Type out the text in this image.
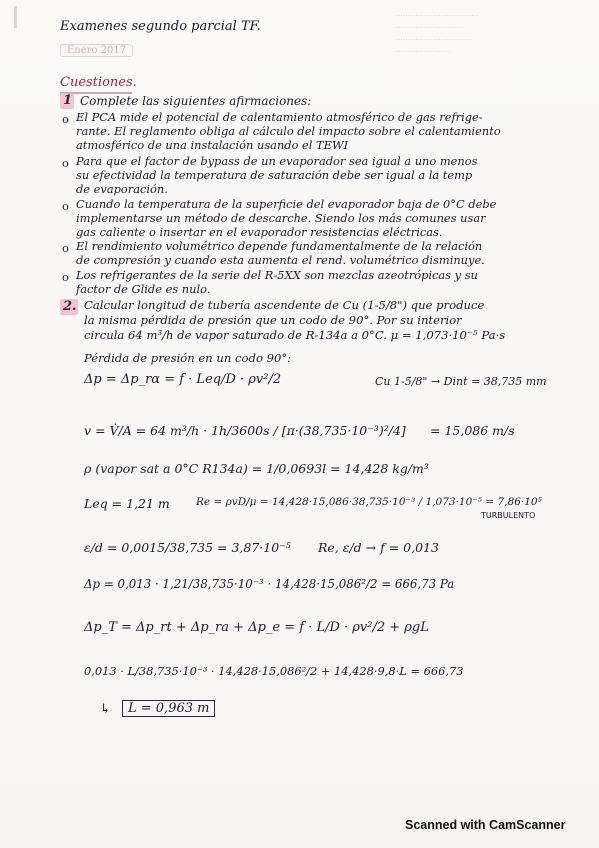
.................................
...........................
..............................
......................
Examenes segundo parcial TF.
Enero 2017
Cuestiones.
1 Complete las siguientes afirmaciones:
o El PCA mide el potencial de calentamiento atmosférico de gas refrige-
rante. El reglamento obliga al cálculo del impacto sobre el calentamiento
atmosférico de una instalación usando el TEWI
o Para que el factor de bypass de un evaporador sea igual a uno menos
su efectividad la temperatura de saturación debe ser igual a la temp
de evaporación.
o Cuando la temperatura de la superficie del evaporador baja de 0°C debe
implementarse un método de descarche. Siendo los más comunes usar
gas caliente o insertar en el evaporador resistencias eléctricas.
o El rendimiento volumétrico depende fundamentalmente de la relación
de compresión y cuando esta aumenta el rend. volumétrico disminuye.
o Los refrigerantes de la serie del R-5XX son mezclas azeotrópicas y su
factor de Glide es nulo.
2. Calcular longitud de tubería ascendente de Cu (1-5/8") que produce
la misma pérdida de presión que un codo de 90°. Por su interior
circula 64 m³/h de vapor saturado de R-134a a 0°C. μ = 1,073·10⁻⁵ Pa·s
Pérdida de presión en un codo 90°:
Δp = Δp_rα = f · Leq/D · ρv²/2	Cu 1-5/8" → Dint = 38,735 mm
v = V̇/A = 64 m³/h · 1h/3600s / [π·(38,735·10⁻³)²/4] = 15,086 m/s
ρ (vapor sat a 0°C R134a) = 1/0,0693l = 14,428 kg/m³
Leq = 1,21 m Re = ρvD/μ = 14,428·15,086·38,735·10⁻³ / 1,073·10⁻⁵ = 7,86·10⁵
TURBULENTO
ε/d = 0,0015/38,735 = 3,87·10⁻⁵ Re, ε/d → f = 0,013
Δp = 0,013 · 1,21/38,735·10⁻³ · 14,428·15,086²/2 = 666,73 Pa
Δp_T = Δp_rt + Δp_ra + Δp_e = f · L/D · ρv²/2 + ρgL
0,013 · L/38,735·10⁻³ · 14,428·15,086²/2 + 14,428·9,8·L = 666,73
↳	L = 0,963 m
Scanned with CamScanner
